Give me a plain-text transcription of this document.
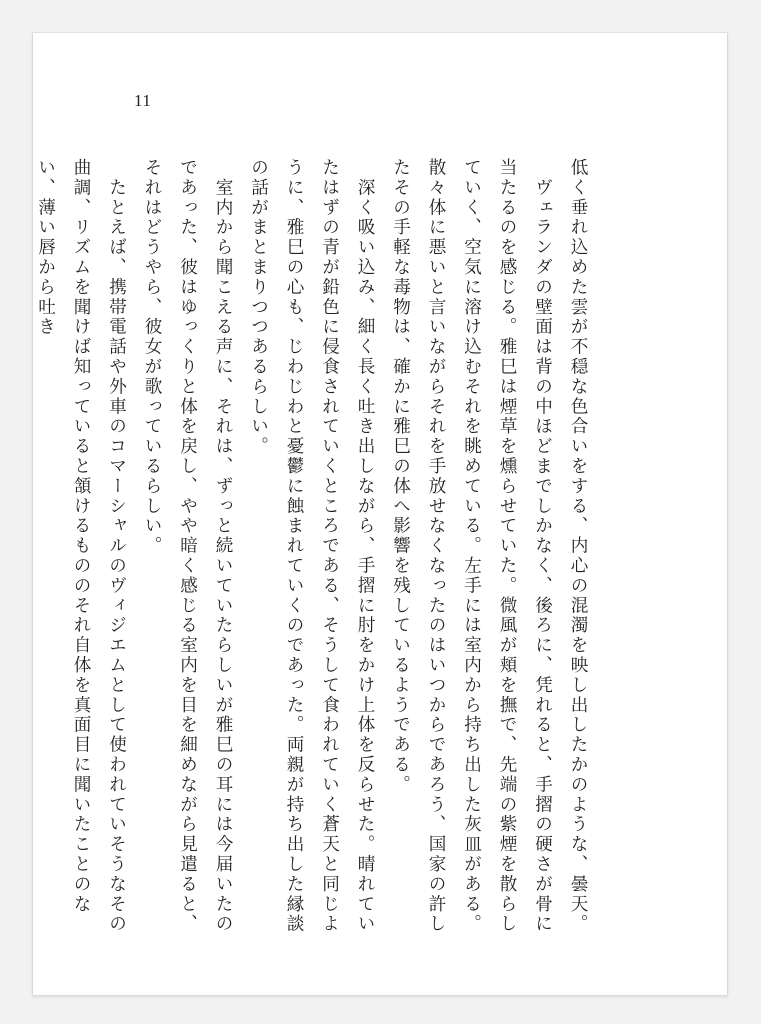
11

低く垂れ込めた雲が不穏な色合いをする、内心の混濁を映し出したかのような、曇天。

　ヴェランダの壁面は背の中ほどまでしかなく、後ろに、凭れると、手摺の硬さが骨に当たるのを感じる。雅巳は煙草を燻らせていた。微風が頬を撫で、先端の紫煙を散らしていく、空気に溶け込むそれを眺めている。左手には室内から持ち出した灰皿がある。散々体に悪いと言いながらそれを手放せなくなったのはいつからであろう、国家の許したその手軽な毒物は、確かに雅巳の体へ影響を残しているようである。

　深く吸い込み、細く長く吐き出しながら、手摺に肘をかけ上体を反らせた。晴れていたはずの青が鉛色に侵食されていくところである、そうして食われていく蒼天と同じように、雅巳の心も、じわじわと憂鬱に蝕まれていくのであった。両親が持ち出した縁談の話がまとまりつつあるらしい。

　室内から聞こえる声に、それは、ずっと続いていたらしいが雅巳の耳には今届いたのであった、彼はゆっくりと体を戻し、やや暗く感じる室内を目を細めながら見遣ると、それはどうやら、彼女が歌っているらしい。

　たとえば、携帯電話や外車のコマーシャルのヴィジエムとして使われていそうなその曲調、リズムを聞けば知っていると頷けるもののそれ自体を真面目に聞いたことのない、薄い唇から吐き
